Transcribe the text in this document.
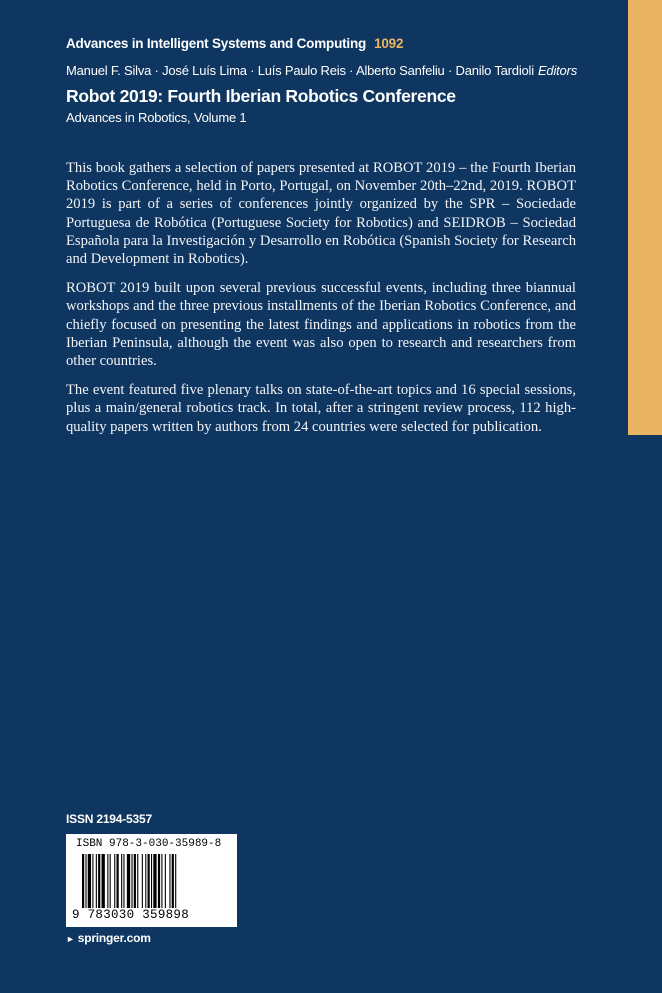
Advances in Intelligent Systems and Computing 1092
Manuel F. Silva · José Luís Lima · Luís Paulo Reis · Alberto Sanfeliu · Danilo Tardioli Editors
Robot 2019: Fourth Iberian Robotics Conference
Advances in Robotics, Volume 1

This book gathers a selection of papers presented at ROBOT 2019 – the Fourth Iberian Robotics Conference, held in Porto, Portugal, on November 20th–22nd, 2019. ROBOT 2019 is part of a series of conferences jointly organized by the SPR – Sociedade Portuguesa de Robótica (Portuguese Society for Robotics) and SEIDROB – Sociedad Española para la Investigación y Desarrollo en Robótica (Spanish Society for Research and Development in Robotics).

ROBOT 2019 built upon several previous successful events, including three biannual workshops and the three previous installments of the Iberian Robotics Conference, and chiefly focused on presenting the latest findings and applications in robotics from the Iberian Peninsula, although the event was also open to research and researchers from other countries.

The event featured five plenary talks on state-of-the-art topics and 16 special sessions, plus a main/general robotics track. In total, after a stringent review process, 112 high-quality papers written by authors from 24 countries were selected for publication.

ISSN 2194-5357
ISBN 978-3-030-35989-8
9 783030 359898
► springer.com
